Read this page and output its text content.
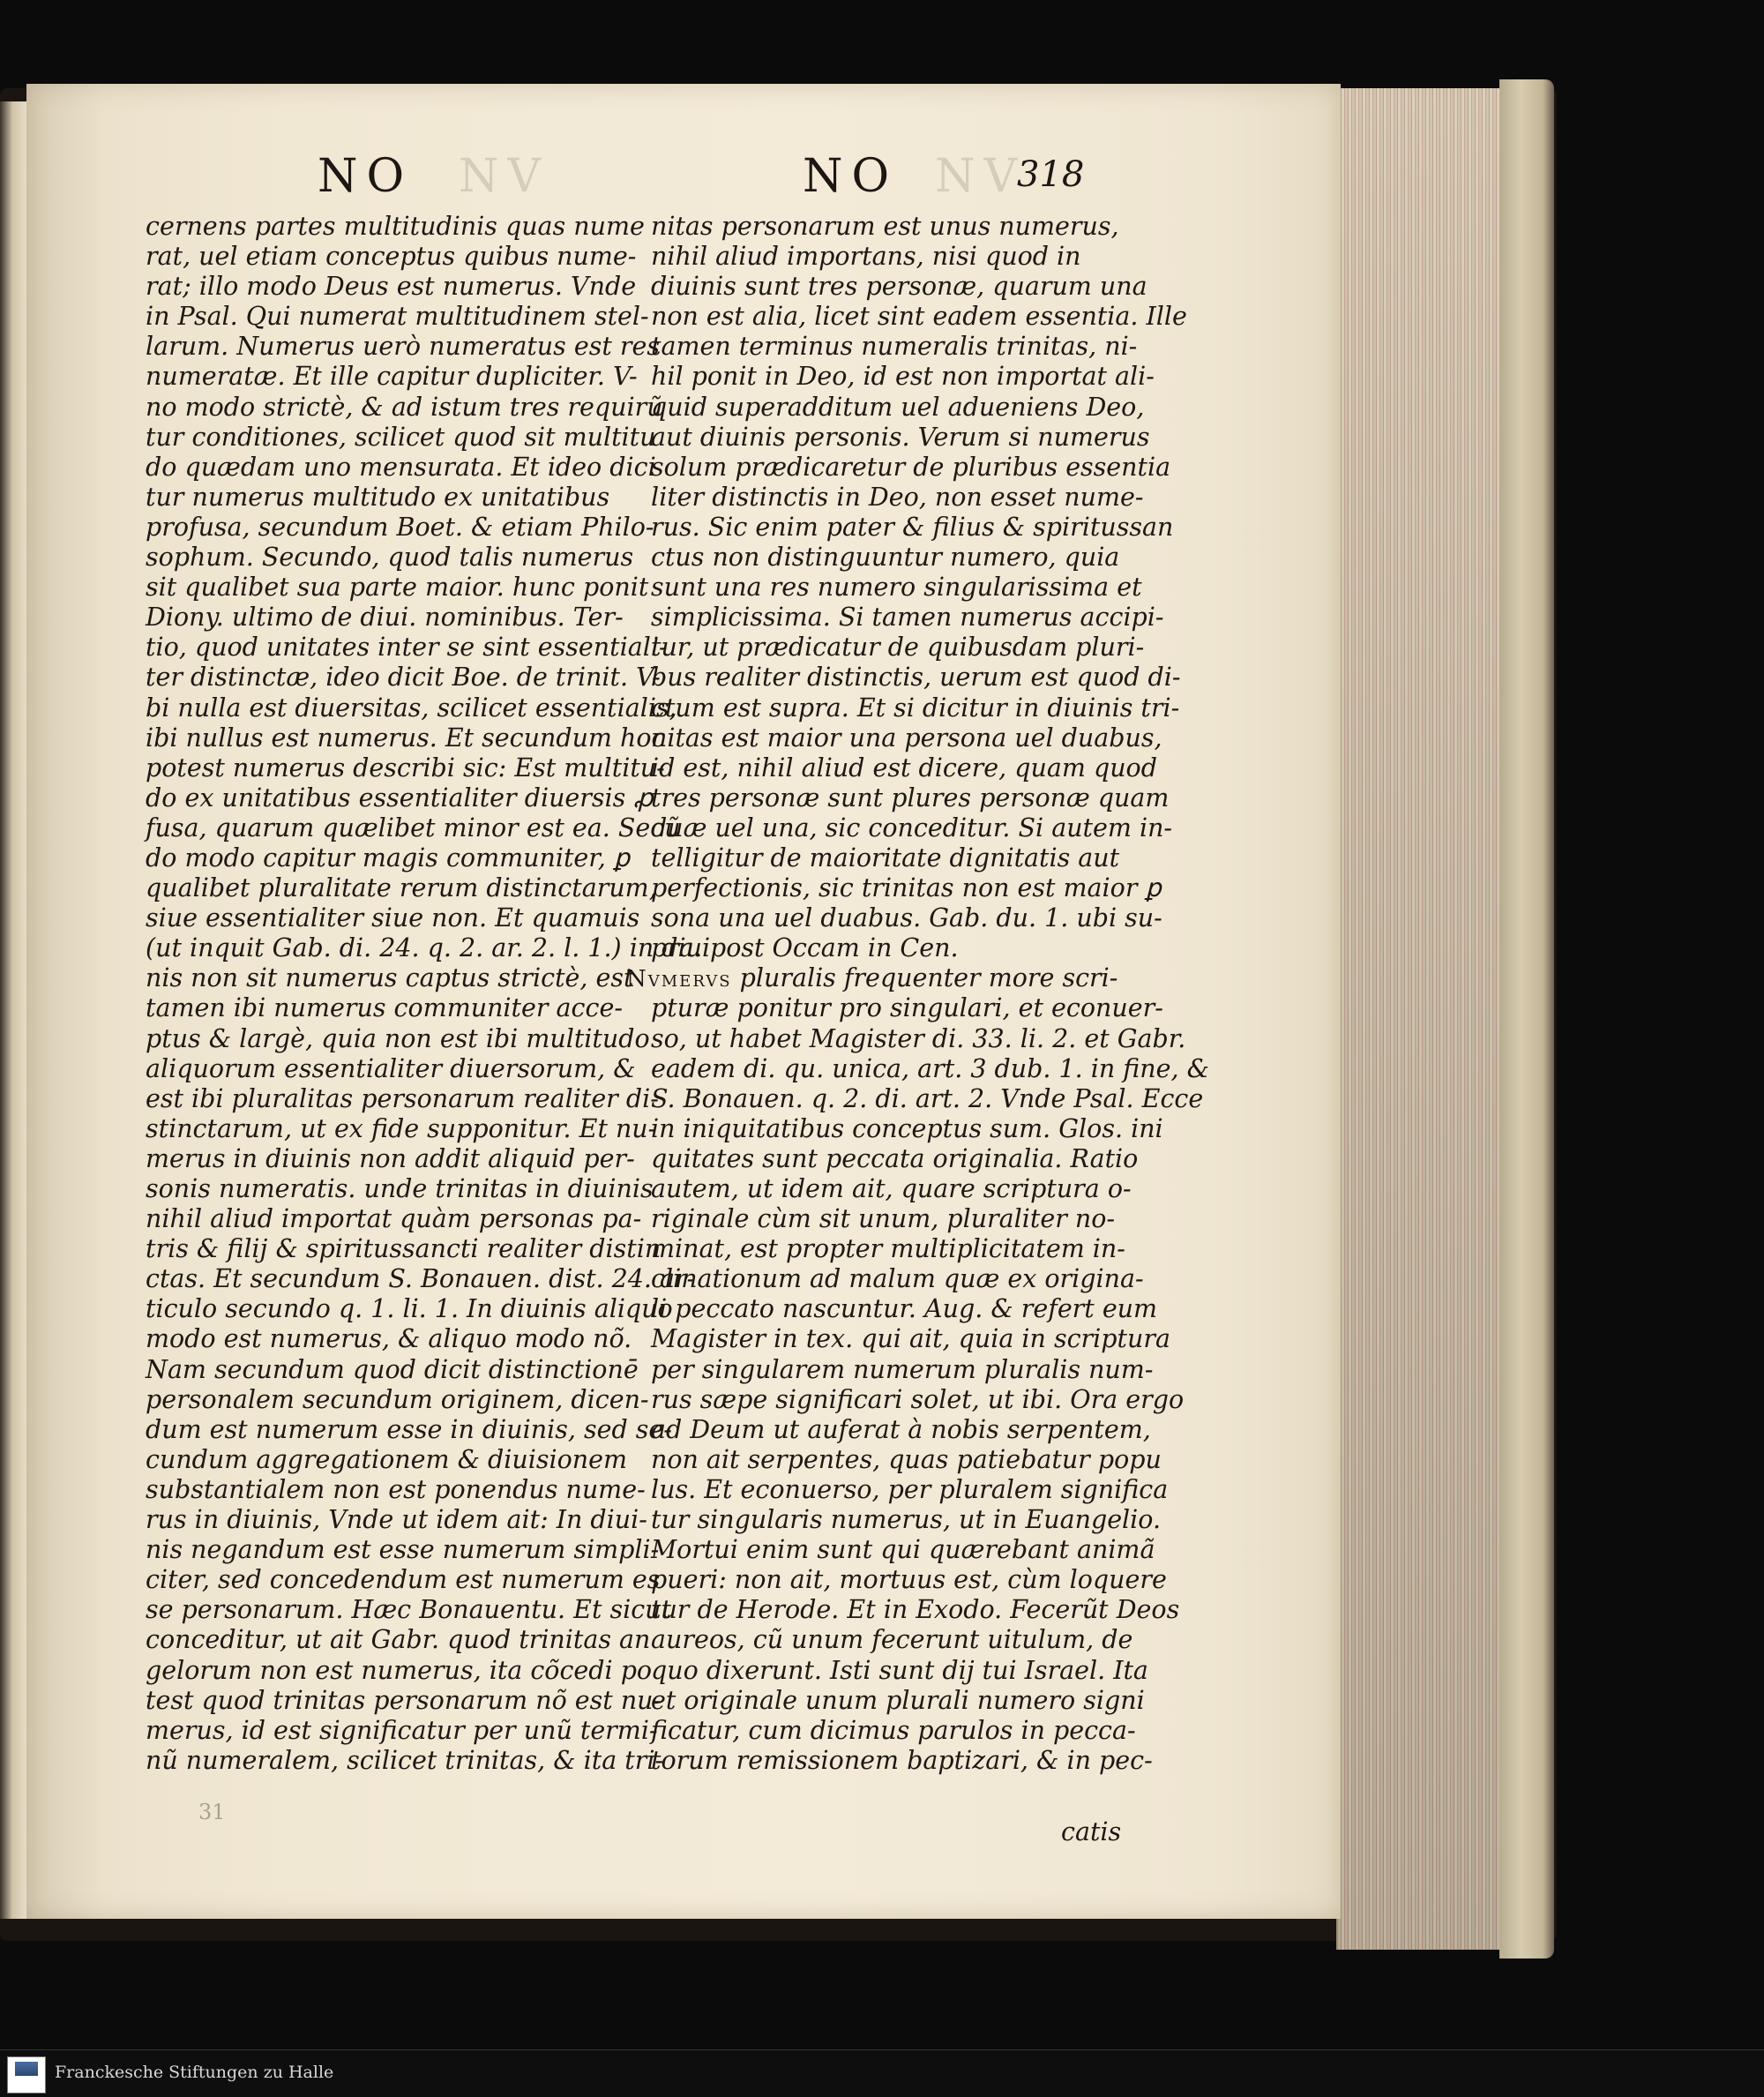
NO NV	NO NV
318
cernens partes multitudinis quas nume
rat, uel etiam conceptus quibus nume-
rat; illo modo Deus est numerus. Vnde
in Psal. Qui numerat multitudinem stel-
larum. Numerus uerò numeratus est res
numeratæ. Et ille capitur dupliciter. V-
no modo strictè, & ad istum tres requirũ
tur conditiones, scilicet quod sit multitu
do quædam uno mensurata. Et ideo dici
tur numerus multitudo ex unitatibus
profusa, secundum Boet. & etiam Philo-
sophum. Secundo, quod talis numerus
sit qualibet sua parte maior. hunc ponit
Diony. ultimo de diui. nominibus. Ter-
tio, quod unitates inter se sint essentiali-
ter distinctæ, ideo dicit Boe. de trinit. V-
bi nulla est diuersitas, scilicet essentialis,
ibi nullus est numerus. Et secundum hoc
potest numerus describi sic: Est multitu-
do ex unitatibus essentialiter diuersis ꝓ
fusa, quarum quælibet minor est ea. Secũ
do modo capitur magis communiter, ꝑ
qualibet pluralitate rerum distinctarum,
siue essentialiter siue non. Et quamuis
(ut inquit Gab. di. 24. q. 2. ar. 2. l. 1.) in diui
nis non sit numerus captus strictè, est
tamen ibi numerus communiter acce-
ptus & largè, quia non est ibi multitudo
aliquorum essentialiter diuersorum, &
est ibi pluralitas personarum realiter di-
stinctarum, ut ex fide supponitur. Et nu-
merus in diuinis non addit aliquid per-
sonis numeratis. unde trinitas in diuinis
nihil aliud importat quàm personas pa-
tris & filij & spiritussancti realiter distin
ctas. Et secundum S. Bonauen. dist. 24. ar-
ticulo secundo q. 1. li. 1. In diuinis aliquo
modo est numerus, & aliquo modo nõ.
Nam secundum quod dicit distinctionē
personalem secundum originem, dicen-
dum est numerum esse in diuinis, sed se-
cundum aggregationem & diuisionem
substantialem non est ponendus nume-
rus in diuinis, Vnde ut idem ait: In diui-
nis negandum est esse numerum simpli-
citer, sed concedendum est numerum es
se personarum. Hæc Bonauentu. Et sicut
conceditur, ut ait Gabr. quod trinitas an
gelorum non est numerus, ita cõcedi po
test quod trinitas personarum nõ est nu-
merus, id est significatur per unũ termi-
nũ numeralem, scilicet trinitas, & ita tri-
nitas personarum est unus numerus,
nihil aliud importans, nisi quod in
diuinis sunt tres personæ, quarum una
non est alia, licet sint eadem essentia. Ille
tamen terminus numeralis trinitas, ni-
hil ponit in Deo, id est non importat ali-
quid superadditum uel adueniens Deo,
aut diuinis personis. Verum si numerus
solum prædicaretur de pluribus essentia
liter distinctis in Deo, non esset nume-
rus. Sic enim pater & filius & spiritussan
ctus non distinguuntur numero, quia
sunt una res numero singularissima et
simplicissima. Si tamen numerus accipi-
tur, ut prædicatur de quibusdam pluri-
bus realiter distinctis, uerum est quod di-
ctum est supra. Et si dicitur in diuinis tri-
nitas est maior una persona uel duabus,
id est, nihil aliud est dicere, quam quod
tres personæ sunt plures personæ quam
duæ uel una, sic conceditur. Si autem in-
telligitur de maioritate dignitatis aut
perfectionis, sic trinitas non est maior ꝑ
sona una uel duabus. Gab. du. 1. ubi su-
pra. post Occam in Cen.
Nvmervs pluralis frequenter more scri-
pturæ ponitur pro singulari, et econuer-
so, ut habet Magister di. 33. li. 2. et Gabr.
eadem di. qu. unica, art. 3 dub. 1. in fine, &
S. Bonauen. q. 2. di. art. 2. Vnde Psal. Ecce
in iniquitatibus conceptus sum. Glos. ini
quitates sunt peccata originalia. Ratio
autem, ut idem ait, quare scriptura o-
riginale cùm sit unum, pluraliter no-
minat, est propter multiplicitatem in-
clinationum ad malum quæ ex origina-
li peccato nascuntur. Aug. & refert eum
Magister in tex. qui ait, quia in scriptura
per singularem numerum pluralis num-
rus sæpe significari solet, ut ibi. Ora ergo
ad Deum ut auferat à nobis serpentem,
non ait serpentes, quas patiebatur popu
lus. Et econuerso, per pluralem significa
tur singularis numerus, ut in Euangelio.
Mortui enim sunt qui quærebant animã
pueri: non ait, mortuus est, cùm loquere
tur de Herode. Et in Exodo. Fecerũt Deos
aureos, cũ unum fecerunt uitulum, de
quo dixerunt. Isti sunt dij tui Israel. Ita
et originale unum plurali numero signi
ficatur, cum dicimus parulos in pecca-
torum remissionem baptizari, & in pec-
31
Franckesche Stiftungen zu Halle
catis
